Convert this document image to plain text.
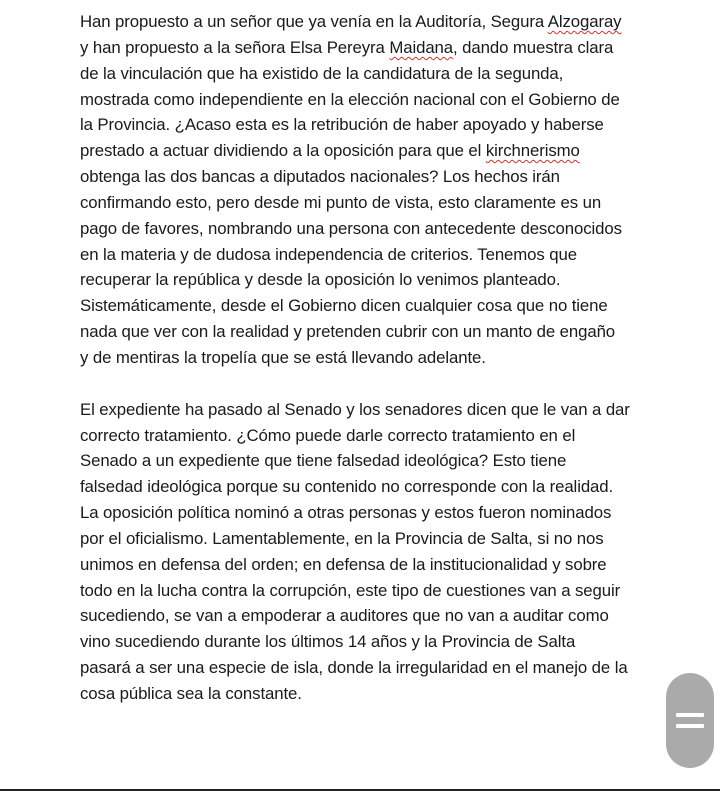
Han propuesto a un señor que ya venía en la Auditoría, Segura Alzogaray
y han propuesto a la señora Elsa Pereyra Maidana, dando muestra clara
de la vinculación que ha existido de la candidatura de la segunda,
mostrada como independiente en la elección nacional con el Gobierno de
la Provincia. ¿Acaso esta es la retribución de haber apoyado y haberse
prestado a actuar dividiendo a la oposición para que el kirchnerismo
obtenga las dos bancas a diputados nacionales? Los hechos irán
confirmando esto, pero desde mi punto de vista, esto claramente es un
pago de favores, nombrando una persona con antecedente desconocidos
en la materia y de dudosa independencia de criterios. Tenemos que
recuperar la república y desde la oposición lo venimos planteado.
Sistemáticamente, desde el Gobierno dicen cualquier cosa que no tiene
nada que ver con la realidad y pretenden cubrir con un manto de engaño
y de mentiras la tropelía que se está llevando adelante.

El expediente ha pasado al Senado y los senadores dicen que le van a dar
correcto tratamiento. ¿Cómo puede darle correcto tratamiento en el
Senado a un expediente que tiene falsedad ideológica? Esto tiene
falsedad ideológica porque su contenido no corresponde con la realidad.
La oposición política nominó a otras personas y estos fueron nominados
por el oficialismo. Lamentablemente, en la Provincia de Salta, si no nos
unimos en defensa del orden; en defensa de la institucionalidad y sobre
todo en la lucha contra la corrupción, este tipo de cuestiones van a seguir
sucediendo, se van a empoderar a auditores que no van a auditar como
vino sucediendo durante los últimos 14 años y la Provincia de Salta
pasará a ser una especie de isla, donde la irregularidad en el manejo de la
cosa pública sea la constante.
